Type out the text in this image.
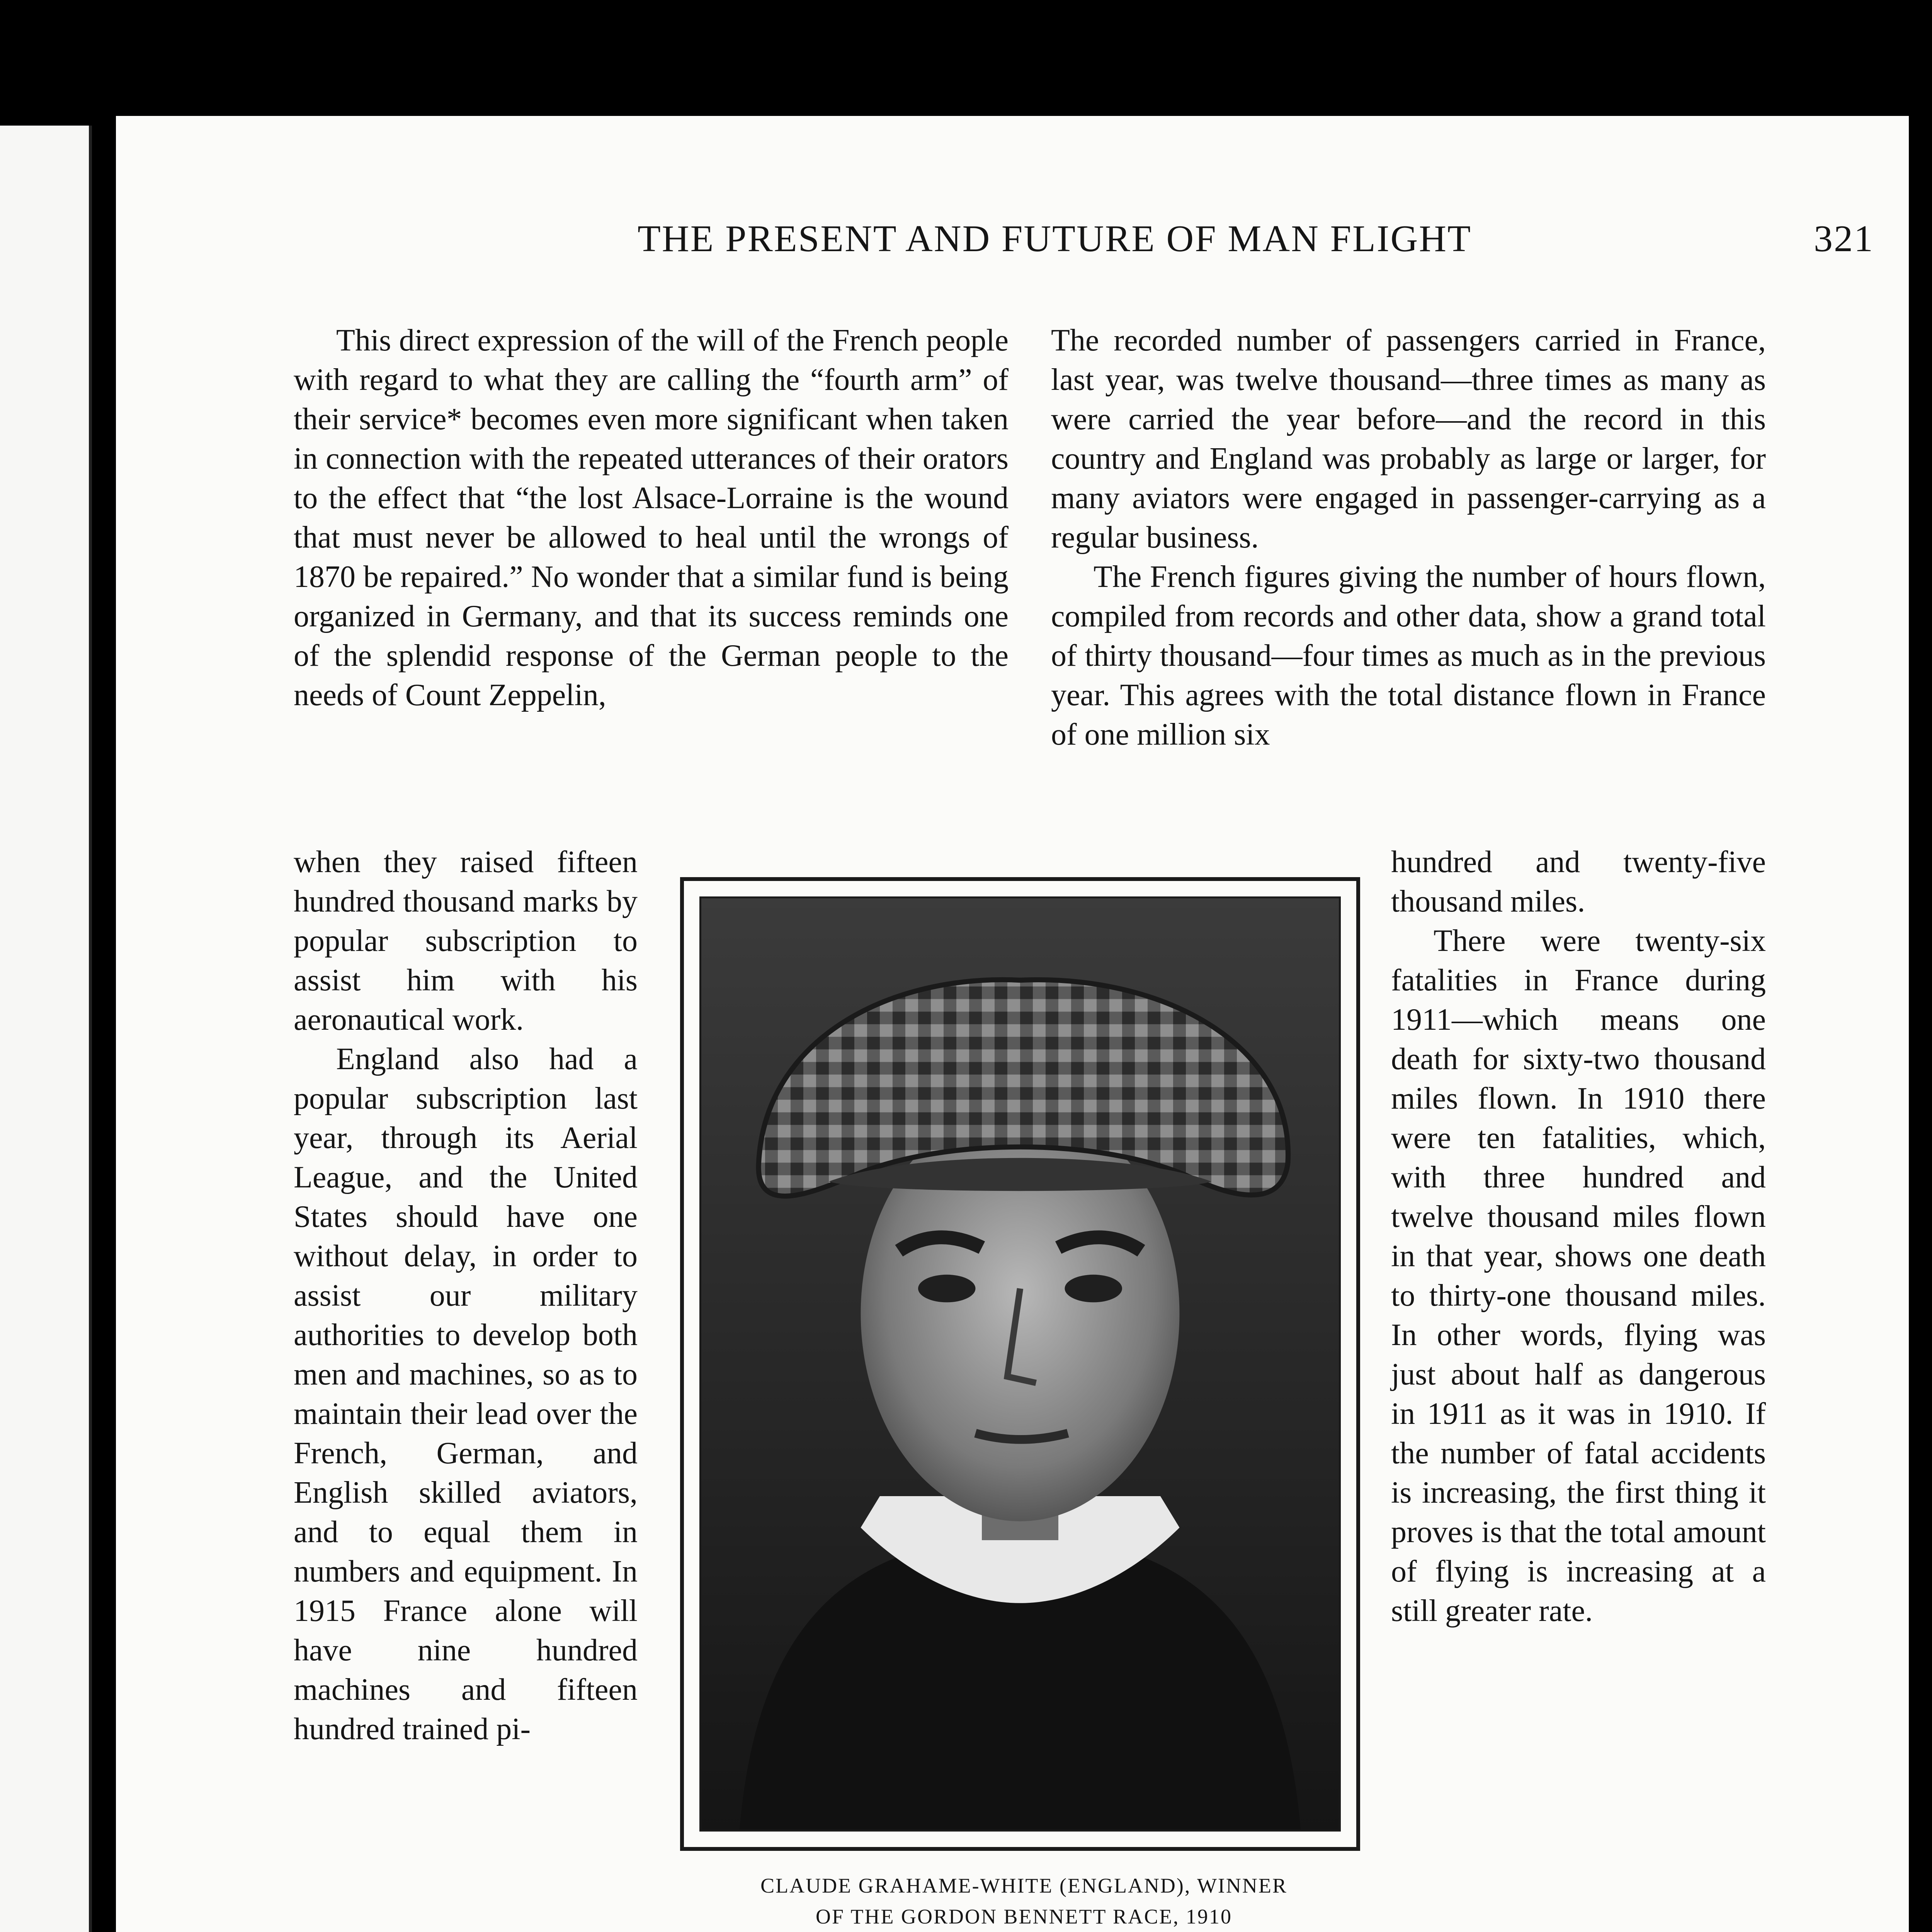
THE PRESENT AND FUTURE OF MAN FLIGHT	321

This direct expression of the will of the French people with regard to what they are calling the “fourth arm” of their service* becomes even more significant when taken in connection with the repeated utterances of their orators to the effect that “the lost Alsace-Lorraine is the wound that must never be allowed to heal until the wrongs of 1870 be repaired.” No wonder that a similar fund is being organized in Germany, and that its success reminds one of the splendid response of the German people to the needs of Count Zeppelin,

when they raised fifteen hundred thousand marks by popular subscription to assist him with his aeronautical work.

England also had a popular subscription last year, through its Aerial League, and the United States should have one without delay, in order to assist our military authorities to develop both men and machines, so as to maintain their lead over the French, German, and English skilled aviators, and to equal them in numbers and equipment. In 1915 France alone will have nine hundred machines and fifteen hundred trained pi-

The recorded number of passengers carried in France, last year, was twelve thousand—three times as many as were carried the year before—and the record in this country and England was probably as large or larger, for many aviators were engaged in passenger-carrying as a regular business.

The French figures giving the number of hours flown, compiled from records and other data, show a grand total of thirty thousand—four times as much as in the previous year. This agrees with the total distance flown in France of one million six

hundred and twenty-five thousand miles.

There were twenty-six fatalities in France during 1911—which means one death for sixty-two thousand miles flown. In 1910 there were ten fatalities, which, with three hundred and twelve thousand miles flown in that year, shows one death to thirty-one thousand miles. In other words, flying was just about half as dangerous in 1911 as it was in 1910. If the number of fatal accidents is increasing, the first thing it proves is that the total amount of flying is increasing at a still greater rate.

CLAUDE GRAHAME-WHITE (ENGLAND), WINNER
OF THE GORDON BENNETT RACE, 1910
